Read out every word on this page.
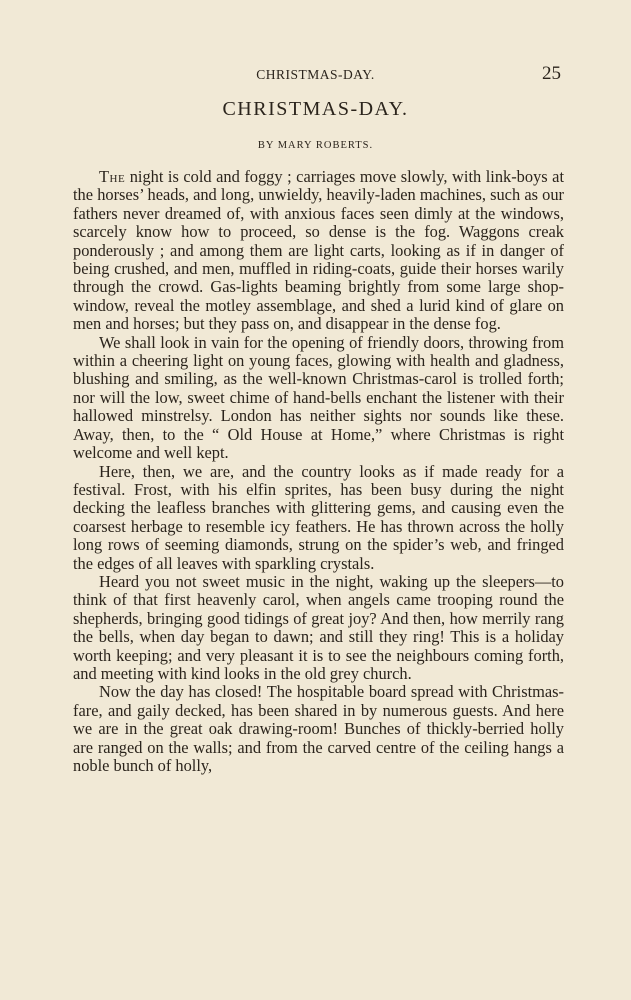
CHRISTMAS-DAY.	25
CHRISTMAS-DAY.
BY MARY ROBERTS.

The night is cold and foggy ; carriages move slowly, with link-boys at the horses’ heads, and long, unwieldy, heavily-laden machines, such as our fathers never dreamed of, with anxious faces seen dimly at the windows, scarcely know how to proceed, so dense is the fog. Waggons creak ponderously ; and among them are light carts, looking as if in danger of being crushed, and men, muffled in riding-coats, guide their horses warily through the crowd. Gas-lights beaming brightly from some large shop-window, reveal the motley assemblage, and shed a lurid kind of glare on men and horses; but they pass on, and disappear in the dense fog.

We shall look in vain for the opening of friendly doors, throwing from within a cheering light on young faces, glowing with health and gladness, blushing and smiling, as the well-known Christmas-carol is trolled forth; nor will the low, sweet chime of hand-bells enchant the listener with their hallowed minstrelsy. London has neither sights nor sounds like these. Away, then, to the “ Old House at Home,” where Christmas is right welcome and well kept.

Here, then, we are, and the country looks as if made ready for a festival. Frost, with his elfin sprites, has been busy during the night decking the leafless branches with glittering gems, and causing even the coarsest herbage to resemble icy feathers. He has thrown across the holly long rows of seeming diamonds, strung on the spider’s web, and fringed the edges of all leaves with sparkling crystals.

Heard you not sweet music in the night, waking up the sleepers—to think of that first heavenly carol, when angels came trooping round the shepherds, bringing good tidings of great joy? And then, how merrily rang the bells, when day began to dawn; and still they ring! This is a holiday worth keeping; and very pleasant it is to see the neighbours coming forth, and meeting with kind looks in the old grey church.

Now the day has closed! The hospitable board spread with Christmas-fare, and gaily decked, has been shared in by numerous guests. And here we are in the great oak drawing-room! Bunches of thickly-berried holly are ranged on the walls; and from the carved centre of the ceiling hangs a noble bunch of holly,
